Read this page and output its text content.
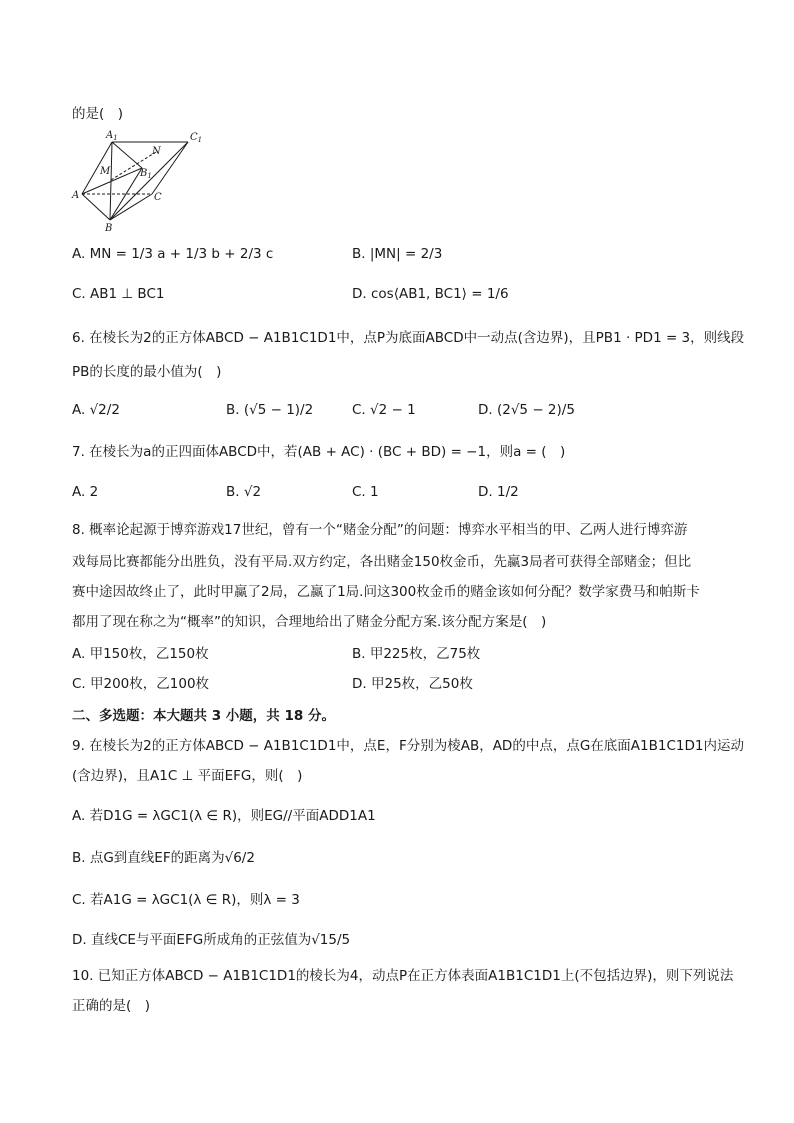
的是(　)
$A_1$	$C_1$
N
M	$B_1$
A	C
B
A. MN = 1/3 a + 1/3 b + 2/3 c	B. |MN| = 2/3
C. AB1 ⊥ BC1	D. cos⟨AB1, BC1⟩ = 1/6
6. 在棱长为2的正方体ABCD − A1B1C1D1中，点P为底面ABCD中一动点(含边界)，且PB1 · PD1 = 3，则线段
PB的长度的最小值为(　)
A. √2/2	B. (√5 − 1)/2	C. √2 − 1	D. (2√5 − 2)/5
7. 在棱长为a的正四面体ABCD中，若(AB + AC) · (BC + BD) = −1，则a = (　)
A. 2	B. √2	C. 1	D. 1/2
8. 概率论起源于博弈游戏17世纪，曾有一个“赌金分配”的问题：博弈水平相当的甲、乙两人进行博弈游
戏每局比赛都能分出胜负，没有平局.双方约定，各出赌金150枚金币，先赢3局者可获得全部赌金；但比
赛中途因故终止了，此时甲赢了2局，乙赢了1局.问这300枚金币的赌金该如何分配？数学家费马和帕斯卡
都用了现在称之为“概率”的知识，合理地给出了赌金分配方案.该分配方案是(　)
A. 甲150枚，乙150枚	B. 甲225枚，乙75枚
C. 甲200枚，乙100枚	D. 甲25枚，乙50枚
二、多选题：本大题共 3 小题，共 18 分。
9. 在棱长为2的正方体ABCD − A1B1C1D1中，点E，F分别为棱AB，AD的中点，点G在底面A1B1C1D1内运动
(含边界)，且A1C ⊥ 平面EFG，则(　)
A. 若D1G = λGC1(λ ∈ R)，则EG//平面ADD1A1
B. 点G到直线EF的距离为√6/2
C. 若A1G = λGC1(λ ∈ R)，则λ = 3
D. 直线CE与平面EFG所成角的正弦值为√15/5
10. 已知正方体ABCD − A1B1C1D1的棱长为4，动点P在正方体表面A1B1C1D1上(不包括边界)，则下列说法
正确的是(　)
